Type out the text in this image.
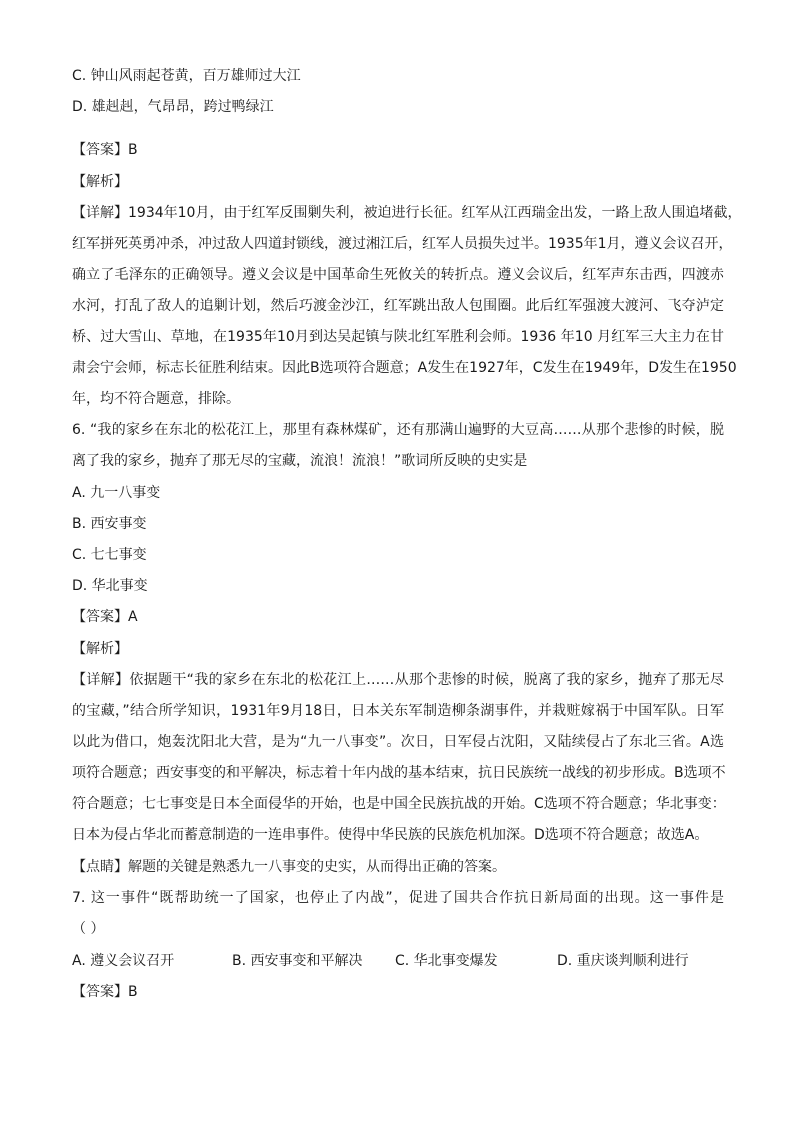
C. 钟山风雨起苍黄，百万雄师过大江
D. 雄赳赳，气昂昂，跨过鸭绿江
【答案】B
【解析】
【详解】1934年10月，由于红军反围剿失利，被迫进行长征。红军从江西瑞金出发，一路上敌人围追堵截，
红军拼死英勇冲杀，冲过敌人四道封锁线，渡过湘江后，红军人员损失过半。1935年1月，遵义会议召开，
确立了毛泽东的正确领导。遵义会议是中国革命生死攸关的转折点。遵义会议后，红军声东击西，四渡赤
水河，打乱了敌人的追剿计划，然后巧渡金沙江，红军跳出敌人包围圈。此后红军强渡大渡河、飞夺泸定
桥、过大雪山、草地，在1935年10月到达吴起镇与陕北红军胜利会师。1936 年10 月红军三大主力在甘
肃会宁会师，标志长征胜利结束。因此B选项符合题意；A发生在1927年，C发生在1949年，D发生在1950
年，均不符合题意，排除。
6. “我的家乡在东北的松花江上，那里有森林煤矿，还有那满山遍野的大豆高……从那个悲惨的时候，脱
离了我的家乡，抛弃了那无尽的宝藏，流浪！流浪！”歌词所反映的史实是
A. 九一八事变
B. 西安事变
C. 七七事变
D. 华北事变
【答案】A
【解析】
【详解】依据题干“我的家乡在东北的松花江上……从那个悲惨的时候，脱离了我的家乡，抛弃了那无尽
的宝藏，”结合所学知识，1931年9月18日，日本关东军制造柳条湖事件，并栽赃嫁祸于中国军队。日军
以此为借口，炮轰沈阳北大营，是为“九一八事变”。次日，日军侵占沈阳，又陆续侵占了东北三省。A选
项符合题意；西安事变的和平解决，标志着十年内战的基本结束，抗日民族统一战线的初步形成。B选项不
符合题意；七七事变是日本全面侵华的开始，也是中国全民族抗战的开始。C选项不符合题意；华北事变：
日本为侵占华北而蓄意制造的一连串事件。使得中华民族的民族危机加深。D选项不符合题意；故选A。
【点睛】解题的关键是熟悉九一八事变的史实，从而得出正确的答案。
7. 这一事件“既帮助统一了国家，也停止了内战”，促进了国共合作抗日新局面的出现。这一事件是
（ ）
A. 遵义会议召开	B. 西安事变和平解决 C. 华北事变爆发	D. 重庆谈判顺利进行
【答案】B
